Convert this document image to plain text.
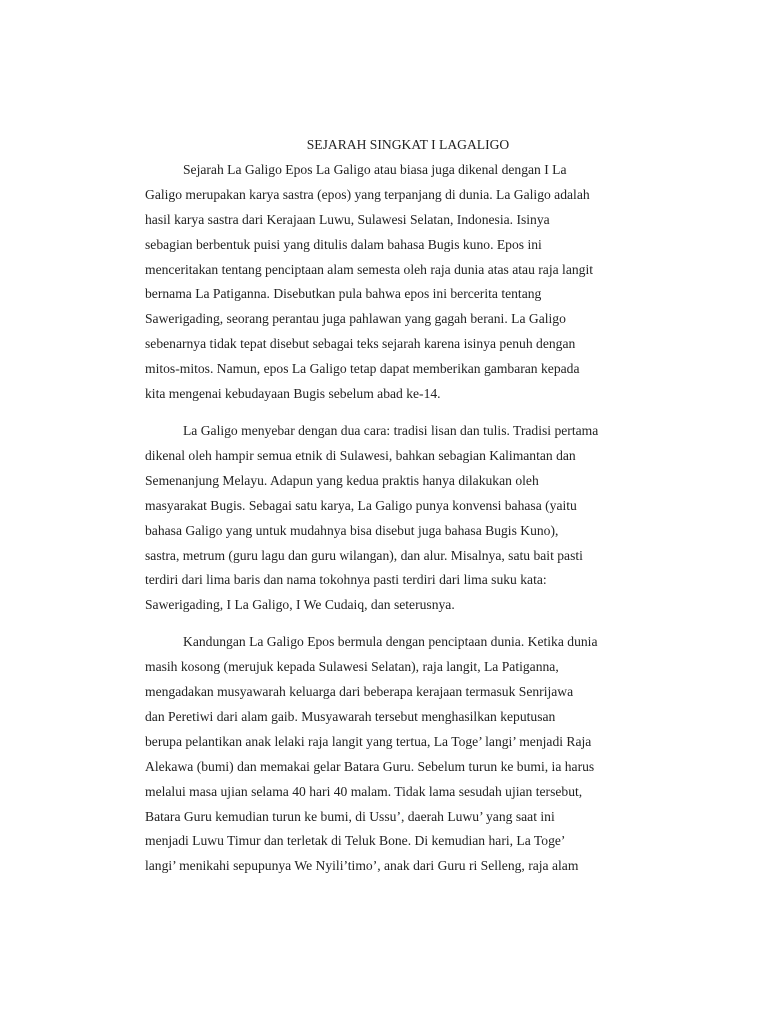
SEJARAH SINGKAT I LAGALIGO
Sejarah La Galigo Epos La Galigo atau biasa juga dikenal dengan I La
Galigo merupakan karya sastra (epos) yang terpanjang di dunia. La Galigo adalah
hasil karya sastra dari Kerajaan Luwu, Sulawesi Selatan, Indonesia. Isinya
sebagian berbentuk puisi yang ditulis dalam bahasa Bugis kuno. Epos ini
menceritakan tentang penciptaan alam semesta oleh raja dunia atas atau raja langit
bernama La Patiganna. Disebutkan pula bahwa epos ini bercerita tentang
Sawerigading, seorang perantau juga pahlawan yang gagah berani. La Galigo
sebenarnya tidak tepat disebut sebagai teks sejarah karena isinya penuh dengan
mitos-mitos. Namun, epos La Galigo tetap dapat memberikan gambaran kepada
kita mengenai kebudayaan Bugis sebelum abad ke-14.
La Galigo menyebar dengan dua cara: tradisi lisan dan tulis. Tradisi pertama
dikenal oleh hampir semua etnik di Sulawesi, bahkan sebagian Kalimantan dan
Semenanjung Melayu. Adapun yang kedua praktis hanya dilakukan oleh
masyarakat Bugis. Sebagai satu karya, La Galigo punya konvensi bahasa (yaitu
bahasa Galigo yang untuk mudahnya bisa disebut juga bahasa Bugis Kuno),
sastra, metrum (guru lagu dan guru wilangan), dan alur. Misalnya, satu bait pasti
terdiri dari lima baris dan nama tokohnya pasti terdiri dari lima suku kata:
Sawerigading, I La Galigo, I We Cudaiq, dan seterusnya.
Kandungan La Galigo Epos bermula dengan penciptaan dunia. Ketika dunia
masih kosong (merujuk kepada Sulawesi Selatan), raja langit, La Patiganna,
mengadakan musyawarah keluarga dari beberapa kerajaan termasuk Senrijawa
dan Peretiwi dari alam gaib. Musyawarah tersebut menghasilkan keputusan
berupa pelantikan anak lelaki raja langit yang tertua, La Toge’ langi’ menjadi Raja
Alekawa (bumi) dan memakai gelar Batara Guru. Sebelum turun ke bumi, ia harus
melalui masa ujian selama 40 hari 40 malam. Tidak lama sesudah ujian tersebut,
Batara Guru kemudian turun ke bumi, di Ussu’, daerah Luwu’ yang saat ini
menjadi Luwu Timur dan terletak di Teluk Bone. Di kemudian hari, La Toge’
langi’ menikahi sepupunya We Nyili’timo’, anak dari Guru ri Selleng, raja alam
